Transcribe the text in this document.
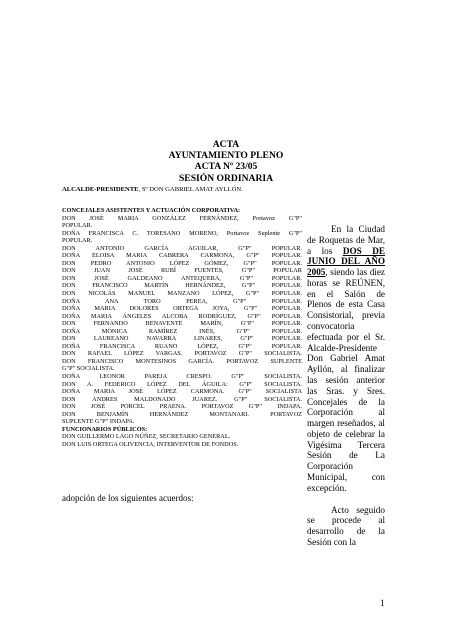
ACTA
AYUNTAMIENTO PLENO
ACTA Nº 23/05
SESIÓN ORDINARIA
ALCALDE-PRESIDENTE, Sº DON GABRIEL AMAT AYLLÓN.
CONCEJALES ASISTENTES Y ACTUACIÓN CORPORATIVA:
DON JOSÉ MARIA GONZÁLEZ FERNÁNDEZ, Portavoz G"P"
POPULAR.
DOÑA FRANCISCA C. TORESANO MORENO, Portavoz Suplente G"P"
POPULAR.
DON ANTONIO GARCÍA AGUILAR, G"P" POPULAR.
DOÑA ELOISA MARIA CABRERA CARMONA, G"P" POPULAR.
DON PEDRO ANTONIO LÓPEZ GÓMEZ, G"P" POPULAR.
DON JUAN JOSÉ RUBÍ FUENTES, G"P" POPULAR
DON JOSÉ GALDEANO ANTEQUERA, G"P" POPULAR.
DON FRANCISCO MARTÍN HERNÁNDEZ, G"P" POPULAR.
DON NICOLÁS MANUEL MANZANO LÓPEZ, G"P" POPULAR.
DOÑA ANA TORO PEREA, G"P" POPULAR.
DOÑA MARIA DOLORES ORTEGA JOYA, G"P" POPULAR.
DOÑA MARIA ÁNGELES ALCOBA RODRÍGUEZ, G"P" POPULAR.
DON FERNANDO BENAVENTE MARÍN, G"P" POPULAR.
DOÑA MÓNICA RAMÍREZ INÉS, G"P" POPULAR.
DON LAUREANO NAVARRA LINARES, G"P" POPULAR.
DOÑA FRANCISCA RUANO LÓPEZ, G"P" POPULAR.
DON RAFAEL LÓPEZ VARGAS. PORTAVOZ G"P" SOCIALISTA.
DON FRANCISCO MONTESINOS GARCÍA. PORTAVOZ SUPLENTE
G"P" SOCIALISTA.
DOÑA LEONOR PAREJA CRESPO. G"P" SOCIALISTA.
DON A. FEDERICO LÓPEZ DEL ÁGUILA: G"P" SOCIALISTA.
DOÑA MARIA JOSÉ LÓPEZ CARMONA. G"P" SOCIALISTA
DON ANDRES MALDONADO JUAREZ. G"P" SOCIALISTA.
DON JOSÉ PORCEL PRAENA. PORTAVOZ G"P" INDAPA.
DON BENJAMÍN HERNÁNDEZ MONTANARI. PORTAVOZ
SUPLENTE G"P" INDAPA.
FUNCIONARIOS PÚBLICOS:
DON GUILLERMO LAGO NÚÑEZ, SECRETARIO GENERAL.
DON LUIS ORTEGA OLIVENCIA, INTERVENTOR DE FONDOS.

En la Ciudad de Roquetas de Mar, a los DOS DE JUNIO DEL AÑO 2005, siendo las diez horas se REÚNEN, en el Salón de Plenos de esta Casa Consistorial, previa convocatoria efectuada por el Sr. Alcalde-Presidente Don Gabriel Amat Ayllón, al finalizar las sesión anterior las Sras. y Sres. Concejales de la Corporación al margen reseñados, al objeto de celebrar la Vigésima Tercera Sesión de La Corporación Municipal, con excepción.

Acto seguido se procede al desarrollo de la Sesión con la

adopción de los siguientes acuerdos:
1
